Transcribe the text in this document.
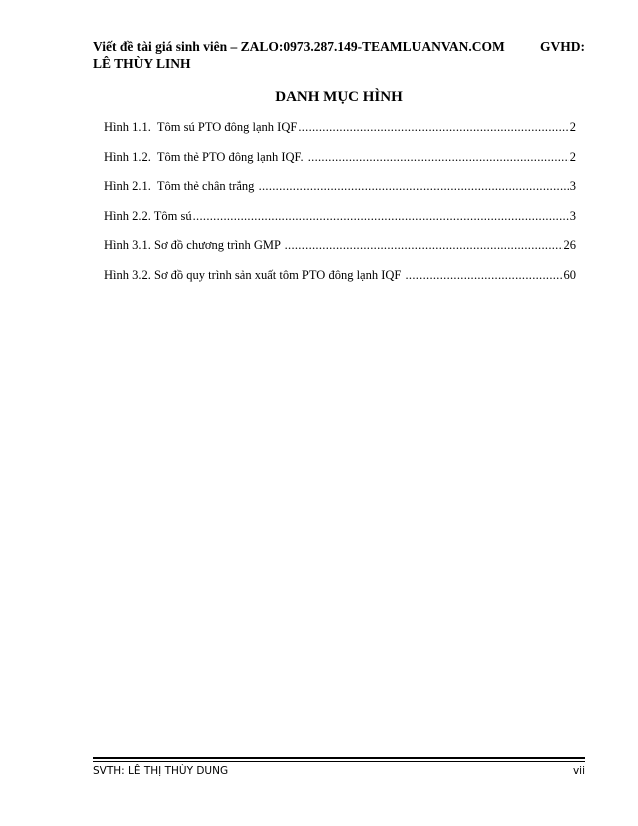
Viết đề tài giá sinh viên – ZALO:0973.287.149-TEAMLUANVAN.COM	GVHD:
LÊ THÙY LINH
DANH MỤC HÌNH
Hình 1.1.  Tôm sú PTO đông lạnh IQF .....	2
Hình 1.2.  Tôm thẻ PTO đông lạnh IQF. .....	2
Hình 2.1.  Tôm thẻ chân trắng .....	3
Hình 2.2. Tôm sú .....	3
Hình 3.1. Sơ đồ chương trình GMP .....	26
Hình 3.2. Sơ đồ quy trình sản xuất tôm PTO đông lạnh IQF .....	60
SVTH: LÊ THỊ THÙY DUNG	vii
